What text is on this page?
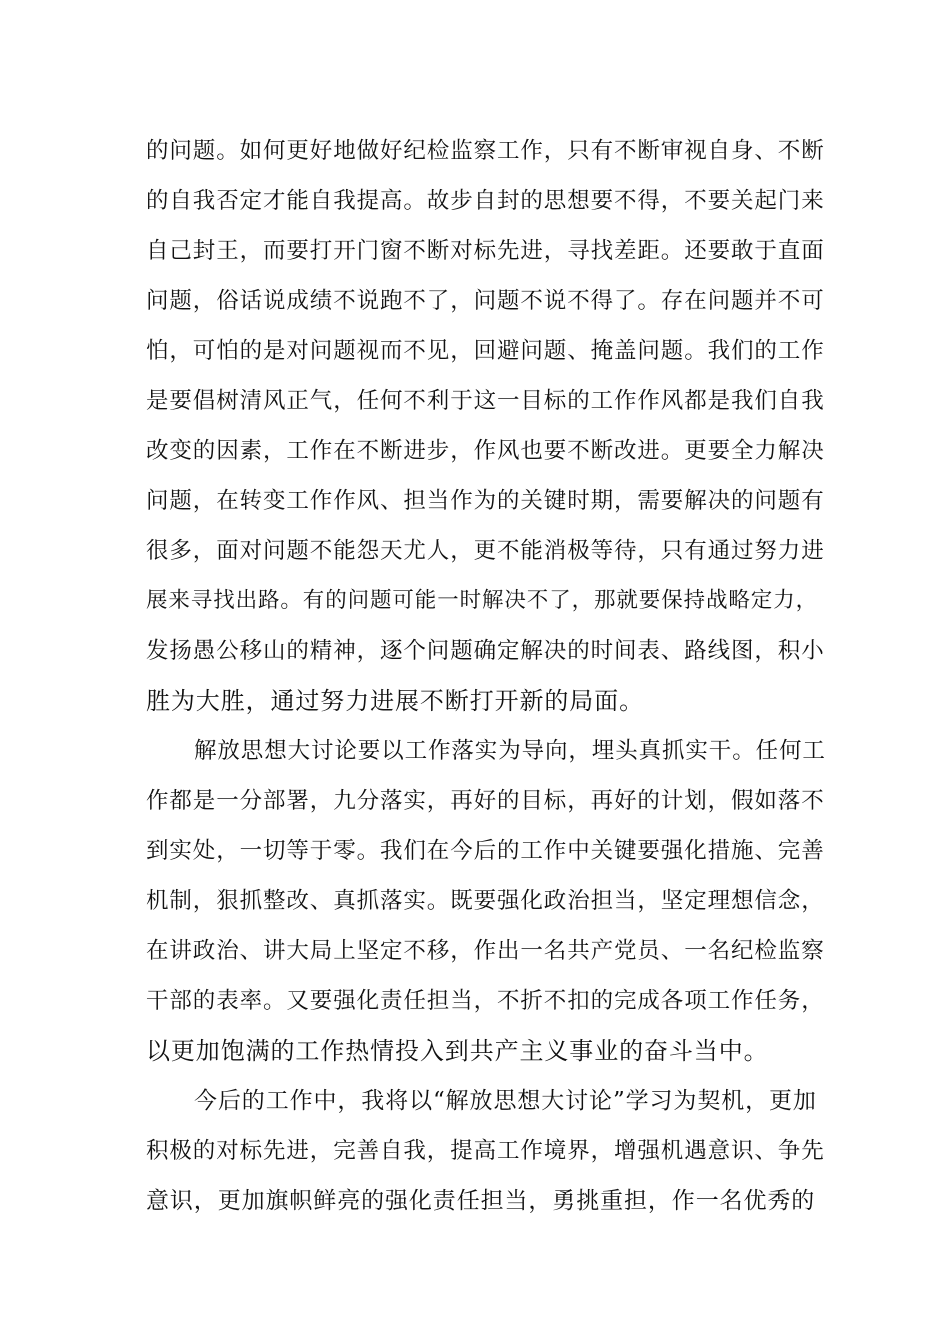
的问题。如何更好地做好纪检监察工作，只有不断审视自身、不断
的自我否定才能自我提高。故步自封的思想要不得，不要关起门来
自己封王，而要打开门窗不断对标先进，寻找差距。还要敢于直面
问题，俗话说成绩不说跑不了，问题不说不得了。存在问题并不可
怕，可怕的是对问题视而不见，回避问题、掩盖问题。我们的工作
是要倡树清风正气，任何不利于这一目标的工作作风都是我们自我
改变的因素，工作在不断进步，作风也要不断改进。更要全力解决
问题，在转变工作作风、担当作为的关键时期，需要解决的问题有
很多，面对问题不能怨天尤人，更不能消极等待，只有通过努力进
展来寻找出路。有的问题可能一时解决不了，那就要保持战略定力，
发扬愚公移山的精神，逐个问题确定解决的时间表、路线图，积小
胜为大胜，通过努力进展不断打开新的局面。
解放思想大讨论要以工作落实为导向，埋头真抓实干。任何工
作都是一分部署，九分落实，再好的目标，再好的计划，假如落不
到实处，一切等于零。我们在今后的工作中关键要强化措施、完善
机制，狠抓整改、真抓落实。既要强化政治担当，坚定理想信念，
在讲政治、讲大局上坚定不移，作出一名共产党员、一名纪检监察
干部的表率。又要强化责任担当，不折不扣的完成各项工作任务，
以更加饱满的工作热情投入到共产主义事业的奋斗当中。
今后的工作中，我将以“解放思想大讨论”学习为契机，更加
积极的对标先进，完善自我，提高工作境界，增强机遇意识、争先
意识，更加旗帜鲜亮的强化责任担当，勇挑重担，作一名优秀的
